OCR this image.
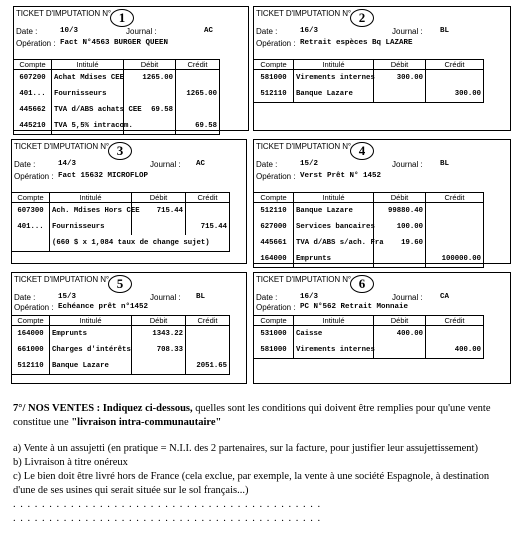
TICKET D'IMPUTATION N° 1
Date :	10/3	Journal :	AC
Opération : Fact N°4563 BURGER QUEEN
Compte	Intitulé	Débit	Crédit
607200	Achat Mdises CEE	1265.00	
401...	Fournisseurs		1265.00
445662	TVA d/ABS achats CEE	69.58	
445210	TVA 5,5% intracom.		69.58
TICKET D'IMPUTATION N° 2
Date :	16/3	Journal : BL
Opération : Retrait espèces Bq LAZARE
Compte	Intitulé	Débit	Crédit
581000	Virements internes	300.00	
512110	Banque Lazare		300.00
TICKET D'IMPUTATION N° 3
Date :	14/3	Journal : AC
Opération : Fact 15632 MICROFLOP
Compte	Intitulé	Débit	Crédit
607300	Ach. Mdises Hors CEE	715.44	
401...	Fournisseurs		715.44
	(660 $ x 1,084 taux de change sujet)		
TICKET D'IMPUTATION N° 4
Date :	15/2	Journal : BL
Opération : Verst Prêt N° 1452
Compte	Intitulé	Débit	Crédit
512110	Banque Lazare	99880.40	
627000	Services bancaires	100.00	
445661	TVA d/ABS s/ach. Fra	19.60	
164000	Emprunts		100000.00
TICKET D'IMPUTATION N° 5
Date :	15/3	Journal : BL
Opération : Echéance prêt n°1452
Compte	Intitulé	Débit	Crédit
164000	Emprunts	1343.22	
661000	Charges d'intérêts	708.33	
512110	Banque Lazare		2051.65
TICKET D'IMPUTATION N° 6
Date :	16/3	Journal : CA
Opération : PC N°562 Retrait Monnaie
Compte	Intitulé	Débit	Crédit
531000	Caisse	400.00	
581000	Virements internes		400.00
7°/ NOS VENTES : Indiquez ci-dessous, quelles sont les conditions qui doivent être remplies pour qu'une vente constitue une "livraison intra-communautaire"
a) Vente à un assujetti (en pratique = N.I.I. des 2 partenaires, sur la facture, pour justifier leur assujettissement)
b) Livraison à titre onéreux
c) Le bien doit être livré hors de France (cela exclue, par exemple, la vente à une société Espagnole, à destination d'une de ses usines qui serait située sur le sol français...)
. . . . . . . . . . . . . . . . . . . . . . . . . . . . . . . . . . . . . . . . . . .
. . . . . . . . . . . . . . . . . . . . . . . . . . . . . . . . . . . . . . . . . . .
